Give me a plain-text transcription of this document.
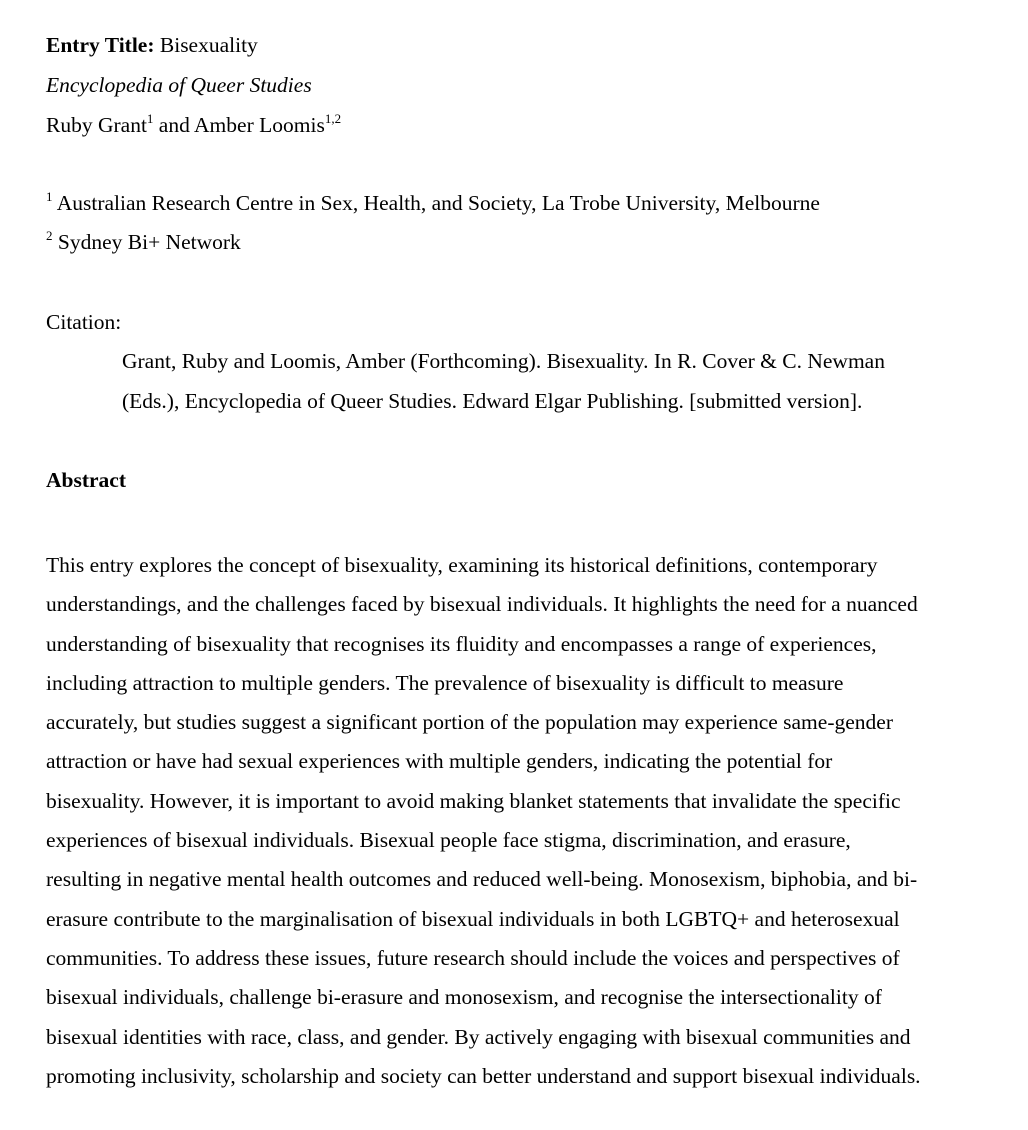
Entry Title: Bisexuality
Encyclopedia of Queer Studies
Ruby Grant$^1$ and Amber Loomis$^{1,2}$
$^1$ Australian Research Centre in Sex, Health, and Society, La Trobe University, Melbourne
$^2$ Sydney Bi+ Network
Citation:
Grant, Ruby and Loomis, Amber (Forthcoming). Bisexuality. In R. Cover & C. Newman
(Eds.), Encyclopedia of Queer Studies. Edward Elgar Publishing. [submitted version].
Abstract
This entry explores the concept of bisexuality, examining its historical definitions, contemporary
understandings, and the challenges faced by bisexual individuals. It highlights the need for a nuanced
understanding of bisexuality that recognises its fluidity and encompasses a range of experiences,
including attraction to multiple genders. The prevalence of bisexuality is difficult to measure
accurately, but studies suggest a significant portion of the population may experience same-gender
attraction or have had sexual experiences with multiple genders, indicating the potential for
bisexuality. However, it is important to avoid making blanket statements that invalidate the specific
experiences of bisexual individuals. Bisexual people face stigma, discrimination, and erasure,
resulting in negative mental health outcomes and reduced well-being. Monosexism, biphobia, and bi-
erasure contribute to the marginalisation of bisexual individuals in both LGBTQ+ and heterosexual
communities. To address these issues, future research should include the voices and perspectives of
bisexual individuals, challenge bi-erasure and monosexism, and recognise the intersectionality of
bisexual identities with race, class, and gender. By actively engaging with bisexual communities and
promoting inclusivity, scholarship and society can better understand and support bisexual individuals.
